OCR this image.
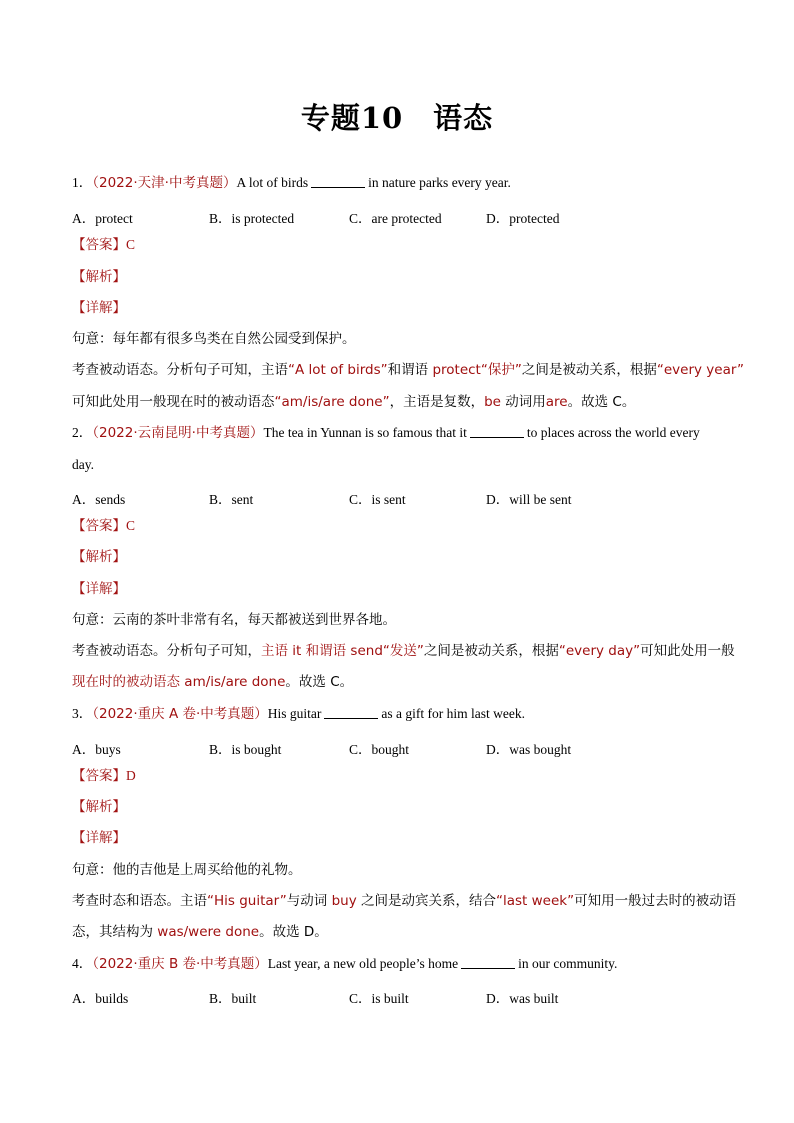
专题10　语态
1．（2022·天津·中考真题）A lot of birds	in nature parks every year.
A．protect	B．is protected	C．are protected	D．protected
【答案】C
【解析】
【详解】
句意：每年都有很多鸟类在自然公园受到保护。
考查被动语态。分析句子可知，主语“A lot of birds”和谓语 protect“保护”之间是被动关系，根据“every year”
可知此处用一般现在时的被动语态“am/is/are done”，主语是复数，be 动词用are。故选 C。
2．（2022·云南昆明·中考真题）The tea in Yunnan is so famous that it	to places across the world every
day.
A．sends	B．sent	C．is sent	D．will be sent
【答案】C
【解析】
【详解】
句意：云南的茶叶非常有名，每天都被送到世界各地。
考查被动语态。分析句子可知，主语 it 和谓语 send“发送”之间是被动关系，根据“every day”可知此处用一般
现在时的被动语态 am/is/are done。故选 C。
3．（2022·重庆 A 卷·中考真题）His guitar	as a gift for him last week.
A．buys	B．is bought	C．bought	D．was bought
【答案】D
【解析】
【详解】
句意：他的吉他是上周买给他的礼物。
考查时态和语态。主语“His guitar”与动词 buy 之间是动宾关系，结合“last week”可知用一般过去时的被动语
态，其结构为 was/were done。故选 D。
4．（2022·重庆 B 卷·中考真题）Last year, a new old people’s home	in our community.
A．builds	B．built	C．is built	D．was built
